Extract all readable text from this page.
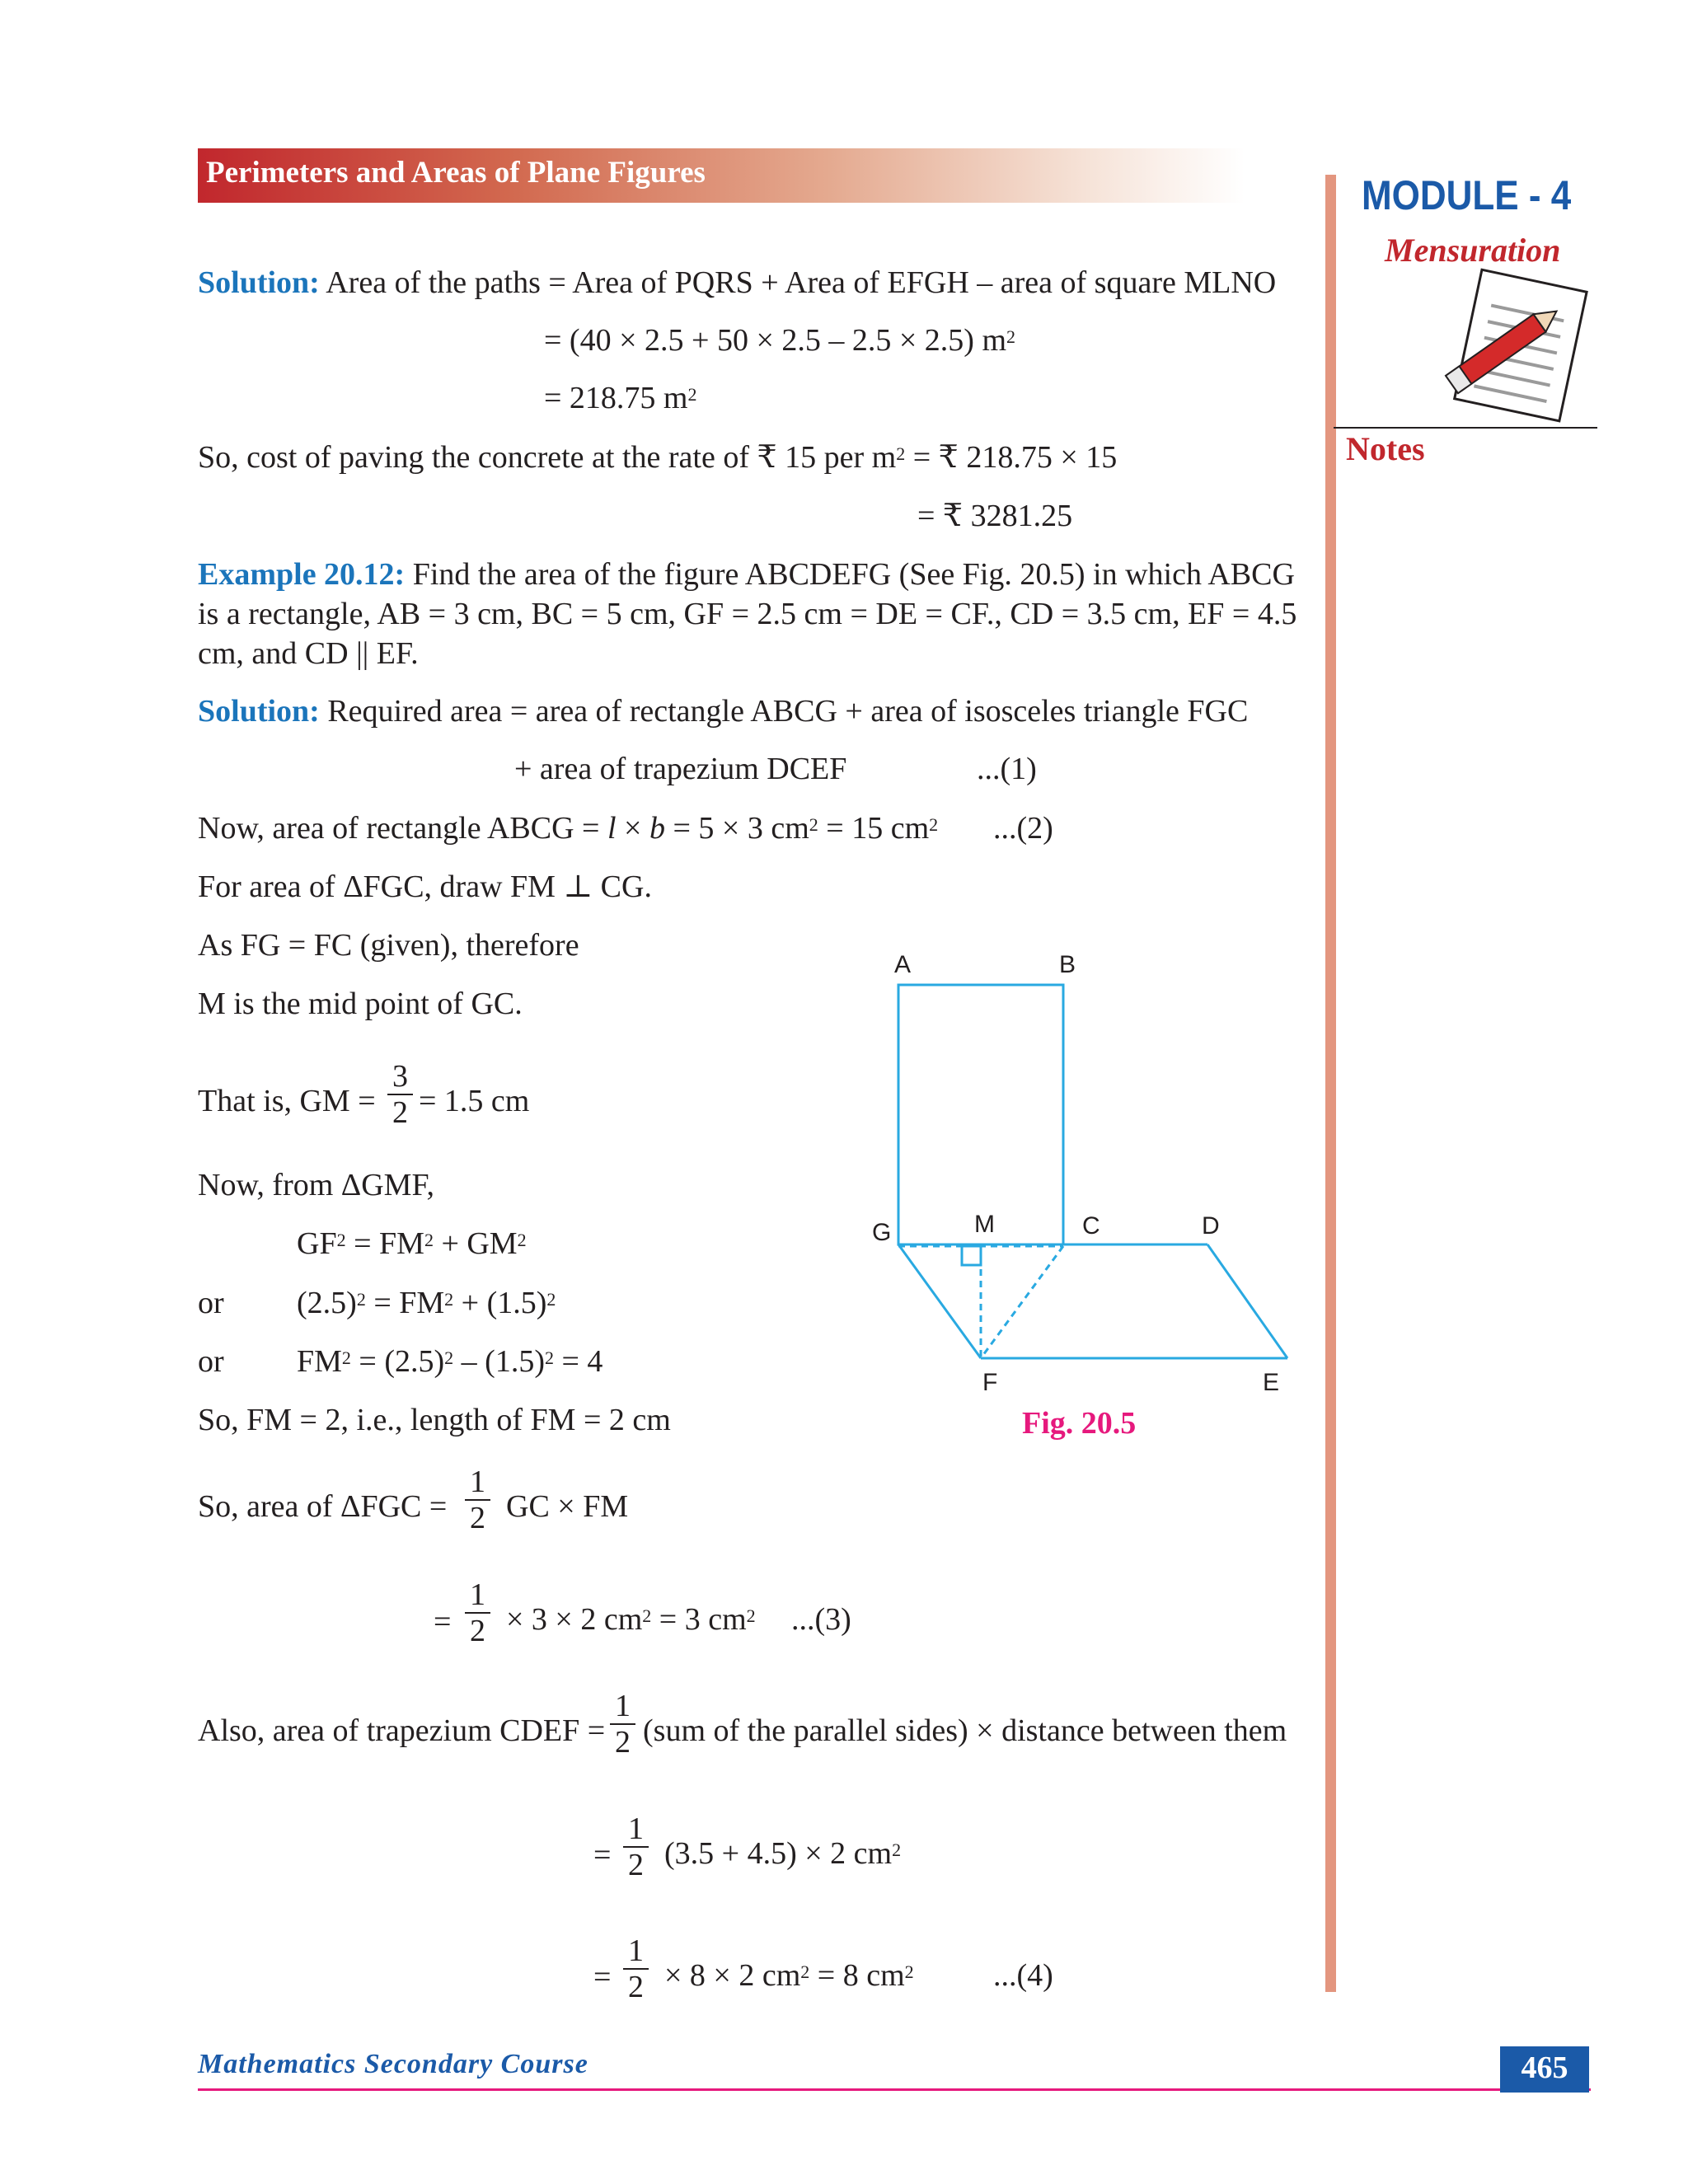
Perimeters and Areas of Plane Figures	MODULE - 4
Mensuration
Notes
Solution: Area of the paths = Area of PQRS + Area of EFGH – area of square MLNO
= (40 × 2.5 + 50 × 2.5 – 2.5 × 2.5) $m^2$
= 218.75 $m^2$
So, cost of paving the concrete at the rate of ₹ 15 per $m^2$ = ₹ 218.75 × 15
= ₹ 3281.25
Example 20.12: Find the area of the figure ABCDEFG (See Fig. 20.5) in which ABCG
is a rectangle, AB = 3 cm, BC = 5 cm, GF = 2.5 cm = DE = CF., CD = 3.5 cm, EF = 4.5
cm, and CD || EF.
Solution: Required area = area of rectangle ABCG + area of isosceles triangle FGC
+ area of trapezium DCEF	...(1)
Now, area of rectangle ABCG = l × b = 5 × 3 $cm^2 = 15$ $cm^2$ ...(2)
For area of ΔFGC, draw FM ⊥ CG.
As FG = FC (given), therefore
M is the mid point of GC.
That is, GM = $\frac{3}{2} = 1.5$ cm
Now, from ΔGMF,
$GF^2 = FM^2 + GM^2$
or $(2.5)^2 = FM^2 + (1.5)^2$
or $FM^2 = (2.5)^2 - (1.5)^2 = 4$
So, FM = 2, i.e., length of FM = 2 cm
So, area of $\Delta FGC = \frac{1}{2}$ GC × FM
= $\frac{1}{2} \times 3 \times 2$ $cm^2 = 3$ $cm^2$ ...(3)
Also, area of trapezium CDEF = $\frac{1}{2} (sum$ of the parallel sides) × distance between them
= $\frac{1}{2} (3.5 + 4.5) \times 2$ $cm^2$
= $\frac{1}{2} \times 8 \times 2$ $cm^2 = 8$ $cm^2$	...(4)
A	B
G	M	C	D
F	E
Fig. 20.5
Mathematics Secondary Course	465
